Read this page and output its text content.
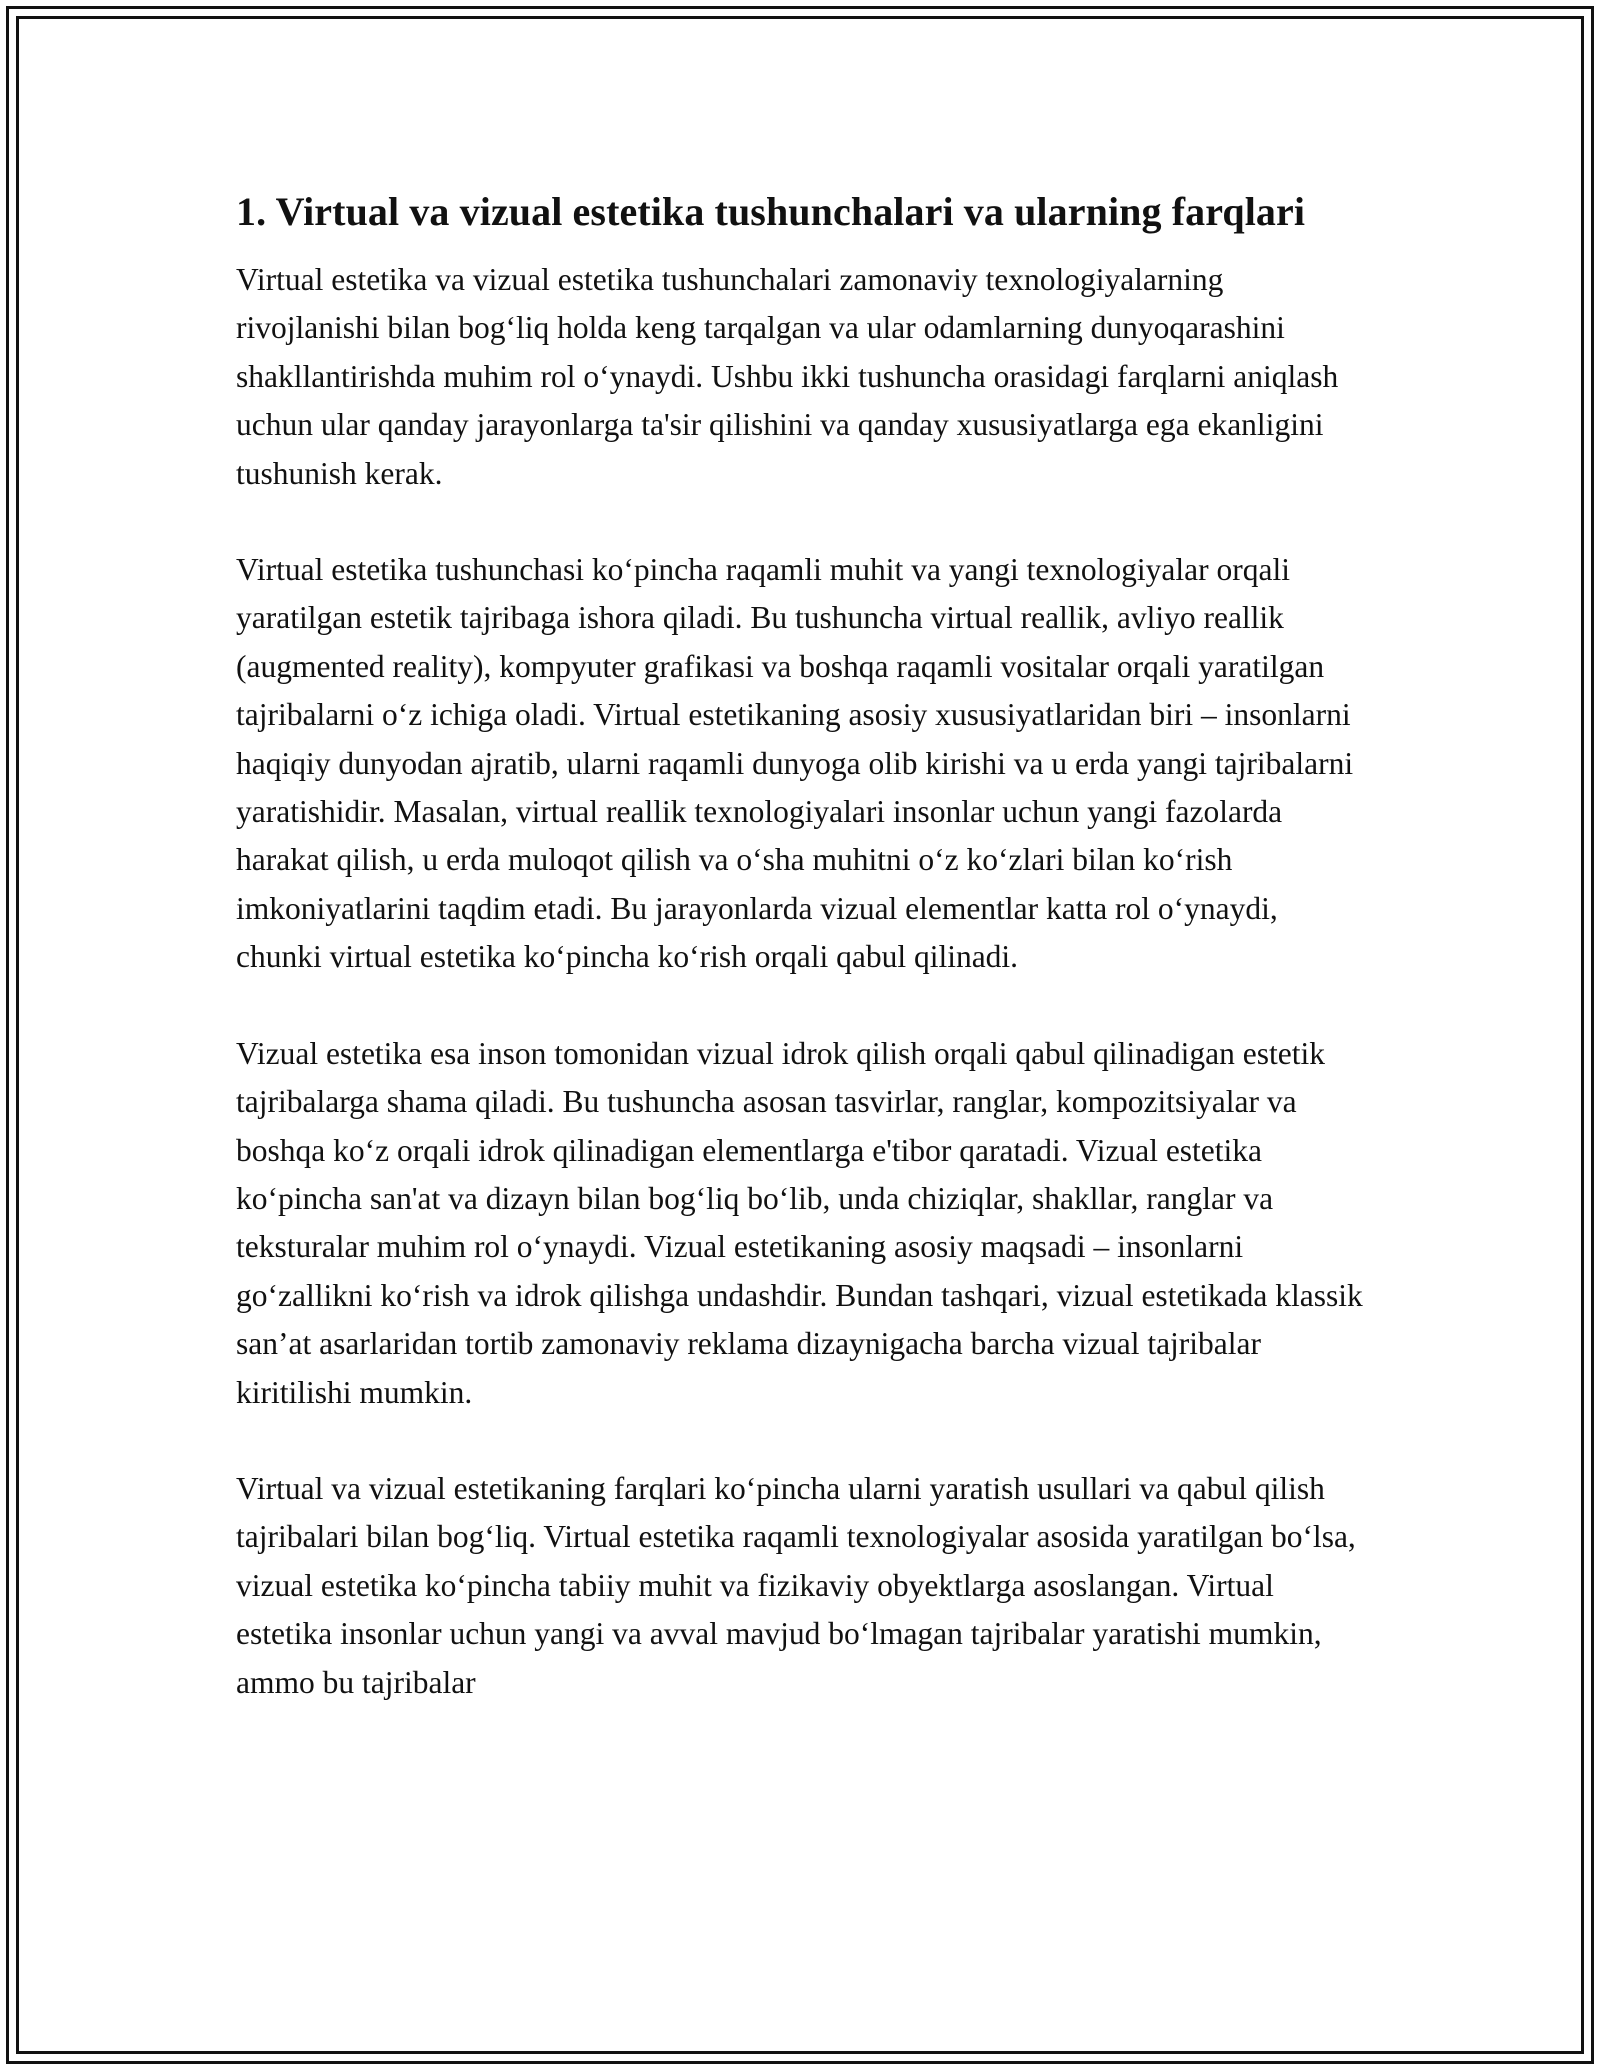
1. Virtual va vizual estetika tushunchalari va ularning farqlari

Virtual estetika va vizual estetika tushunchalari zamonaviy texnologiyalarning rivojlanishi bilan bogʻliq holda keng tarqalgan va ular odamlarning dunyoqarashini shakllantirishda muhim rol oʻynaydi. Ushbu ikki tushuncha orasidagi farqlarni aniqlash uchun ular qanday jarayonlarga ta'sir qilishini va qanday xususiyatlarga ega ekanligini tushunish kerak.

Virtual estetika tushunchasi koʻpincha raqamli muhit va yangi texnologiyalar orqali yaratilgan estetik tajribaga ishora qiladi. Bu tushuncha virtual reallik, avliyo reallik (augmented reality), kompyuter grafikasi va boshqa raqamli vositalar orqali yaratilgan tajribalarni oʻz ichiga oladi. Virtual estetikaning asosiy xususiyatlaridan biri – insonlarni haqiqiy dunyodan ajratib, ularni raqamli dunyoga olib kirishi va u erda yangi tajribalarni yaratishidir. Masalan, virtual reallik texnologiyalari insonlar uchun yangi fazolarda harakat qilish, u erda muloqot qilish va oʻsha muhitni oʻz koʻzlari bilan koʻrish imkoniyatlarini taqdim etadi. Bu jarayonlarda vizual elementlar katta rol oʻynaydi, chunki virtual estetika koʻpincha koʻrish orqali qabul qilinadi.

Vizual estetika esa inson tomonidan vizual idrok qilish orqali qabul qilinadigan estetik tajribalarga shama qiladi. Bu tushuncha asosan tasvirlar, ranglar, kompozitsiyalar va boshqa koʻz orqali idrok qilinadigan elementlarga e'tibor qaratadi. Vizual estetika koʻpincha san'at va dizayn bilan bogʻliq boʻlib, unda chiziqlar, shakllar, ranglar va teksturalar muhim rol oʻynaydi. Vizual estetikaning asosiy maqsadi – insonlarni goʻzallikni koʻrish va idrok qilishga undashdir. Bundan tashqari, vizual estetikada klassik san’at asarlaridan tortib zamonaviy reklama dizaynigacha barcha vizual tajribalar kiritilishi mumkin.

Virtual va vizual estetikaning farqlari koʻpincha ularni yaratish usullari va qabul qilish tajribalari bilan bogʻliq. Virtual estetika raqamli texnologiyalar asosida yaratilgan boʻlsa, vizual estetika koʻpincha tabiiy muhit va fizikaviy obyektlarga asoslangan. Virtual estetika insonlar uchun yangi va avval mavjud boʻlmagan tajribalar yaratishi mumkin, ammo bu tajribalar
